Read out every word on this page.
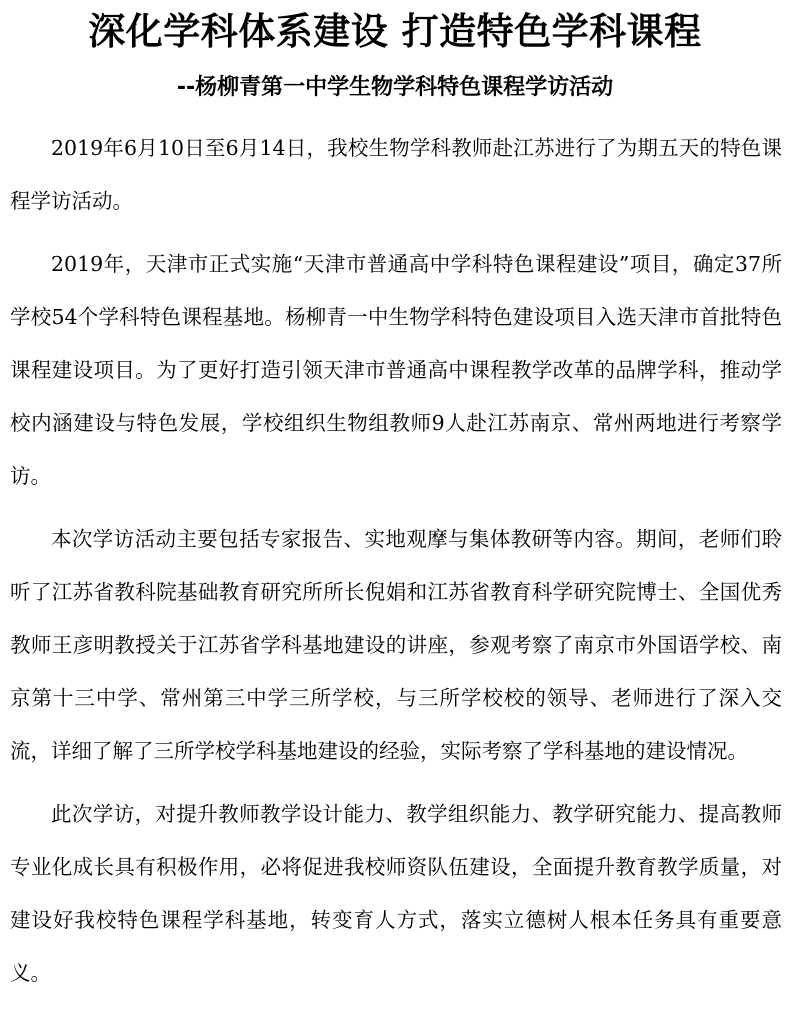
深化学科体系建设 打造特色学科课程
--杨柳青第一中学生物学科特色课程学访活动

2019年6月10日至6月14日，我校生物学科教师赴江苏进行了为期五天的特色课程学访活动。

2019年，天津市正式实施“天津市普通高中学科特色课程建设”项目，确定37所学校54个学科特色课程基地。杨柳青一中生物学科特色建设项目入选天津市首批特色课程建设项目。为了更好打造引领天津市普通高中课程教学改革的品牌学科，推动学校内涵建设与特色发展，学校组织生物组教师9人赴江苏南京、常州两地进行考察学访。

本次学访活动主要包括专家报告、实地观摩与集体教研等内容。期间，老师们聆听了江苏省教科院基础教育研究所所长倪娟和江苏省教育科学研究院博士、全国优秀教师王彦明教授关于江苏省学科基地建设的讲座，参观考察了南京市外国语学校、南京第十三中学、常州第三中学三所学校，与三所学校校的领导、老师进行了深入交流，详细了解了三所学校学科基地建设的经验，实际考察了学科基地的建设情况。

此次学访，对提升教师教学设计能力、教学组织能力、教学研究能力、提高教师专业化成长具有积极作用，必将促进我校师资队伍建设，全面提升教育教学质量，对建设好我校特色课程学科基地，转变育人方式，落实立德树人根本任务具有重要意义。
